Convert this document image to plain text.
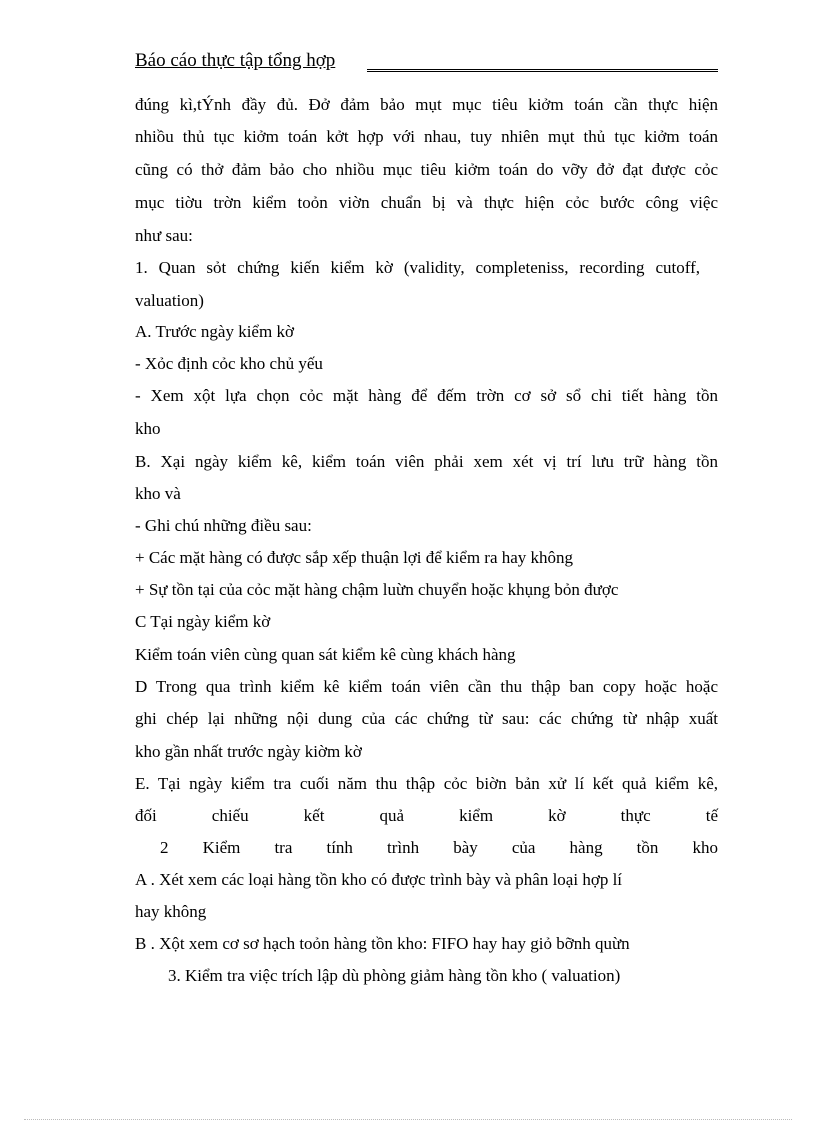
Báo cáo thực tập tổng hợp

đúng kì,tÝnh đầy đủ. Đở đảm bảo mụt mục tiêu kiởm toán cần thực hiện

nhiồu thủ tục kiởm toán kởt hợp với nhau, tuy nhiên mụt thủ tục kiởm toán

cũng có thở đảm bảo cho nhiồu mục tiêu kiởm toán do vỡy đở đạt được cỏc

mục tiờu trờn kiểm toỏn viờn chuẩn bị và thực hiện cỏc bước công việc

như sau:

1. Quan sỏt chứng kiến kiểm kờ (validity, completeniss, recording cutoff,

valuation)

A. Trước ngày kiểm kờ

- Xỏc định cỏc kho chủ yếu

- Xem xột lựa chọn cỏc mặt hàng để đếm trờn cơ sở sổ chi tiết hàng tồn

kho

B. Xại ngày kiểm kê, kiểm toán viên phải xem xét vị trí lưu trữ hàng tồn

kho và

- Ghi chú những điều sau:

+ Các mặt hàng có được sắp xếp thuận lợi để kiểm ra hay không

+ Sự tồn tại của cỏc mặt hàng chậm luừn chuyển hoặc khụng bỏn được

C Tại ngày kiểm kờ

Kiểm toán viên cùng quan sát kiểm kê cùng khách hàng

D Trong qua trình kiểm kê kiểm toán viên cần thu thập ban copy hoặc hoặc

ghi chép lại những nội dung của các chứng từ sau: các chứng từ nhập xuất

kho gần nhất trước ngày kiờm kờ

E. Tại ngày kiểm tra cuối năm thu thập cỏc biờn bản xử lí kết quả kiểm kê,

đối chiếu kết quả kiểm kờ thực tế

2 Kiểm tra tính trình bày của hàng tồn kho

A . Xét xem các loại hàng tồn kho có được trình bày và phân loại hợp lí

hay không

B . Xột xem cơ sơ hạch toỏn hàng tồn kho: FIFO hay hay giỏ bỡnh quừn

3. Kiểm tra việc trích lập dù phòng giảm hàng tồn kho ( valuation)
